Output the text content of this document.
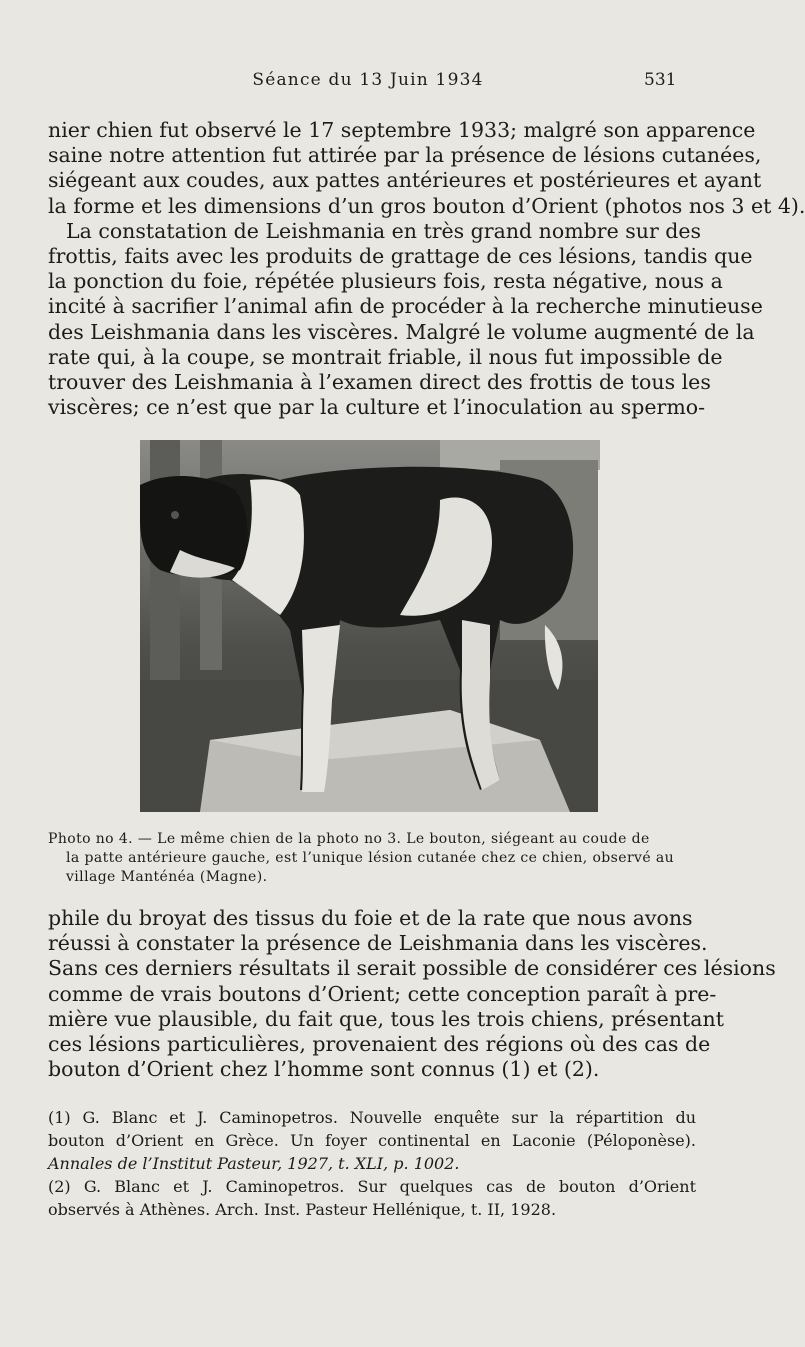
Séance du 13 Juin 1934	531
nier chien fut observé le 17 septembre 1933; malgré son apparence
saine notre attention fut attirée par la présence de lésions cutanées,
siégeant aux coudes, aux pattes antérieures et postérieures et ayant
la forme et les dimensions d’un gros bouton d’Orient (photos nos 3 et 4).
La constatation de Leishmania en très grand nombre sur des
frottis, faits avec les produits de grattage de ces lésions, tandis que
la ponction du foie, répétée plusieurs fois, resta négative, nous a
incité à sacrifier l’animal afin de procéder à la recherche minutieuse
des Leishmania dans les viscères. Malgré le volume augmenté de la
rate qui, à la coupe, se montrait friable, il nous fut impossible de
trouver des Leishmania à l’examen direct des frottis de tous les
viscères; ce n’est que par la culture et l’inoculation au spermo-
Photo no 4. — Le même chien de la photo no 3. Le bouton, siégeant au coude de
la patte antérieure gauche, est l’unique lésion cutanée chez ce chien, observé au
village Manténéa (Magne).
phile du broyat des tissus du foie et de la rate que nous avons
réussi à constater la présence de Leishmania dans les viscères.
Sans ces derniers résultats il serait possible de considérer ces lésions
comme de vrais boutons d’Orient; cette conception paraît à pre-
mière vue plausible, du fait que, tous les trois chiens, présentant
ces lésions particulières, provenaient des régions où des cas de
bouton d’Orient chez l’homme sont connus (1) et (2).
(1) G. Blanc et J. Caminopetros. Nouvelle enquête sur la répartition du
bouton d’Orient en Grèce. Un foyer continental en Laconie (Péloponèse).
Annales de l’Institut Pasteur, 1927, t. XLI, p. 1002.
(2) G. Blanc et J. Caminopetros. Sur quelques cas de bouton d’Orient
observés à Athènes. Arch. Inst. Pasteur Hellénique, t. II, 1928.
